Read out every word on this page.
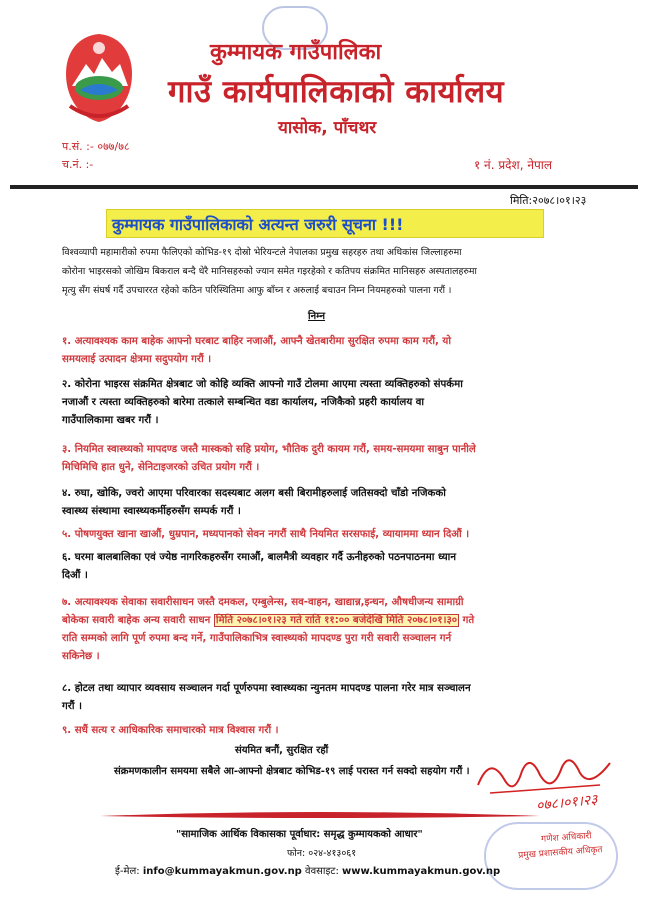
कुम्मायक गाउँपालिका
गाउँ कार्यपालिकाको कार्यालय
यासोक, पाँचथर
प.सं. :- ०७७/७८
च.नं. :-	१ नं. प्रदेश, नेपाल
मिति:२०७८।०१।२३
कुम्मायक गाउँपालिकाको अत्यन्त जरुरी सूचना !!!
विश्वव्यापी महामारीको रुपमा फैलिएको कोभिड-१९ दोस्रो भेरियन्टले नेपालका प्रमुख सहरहरु तथा अधिकांस जिल्लाहरुमा
कोरोना भाइरसको जोखिम बिकराल बन्दै धेरै मानिसहरुको ज्यान समेत गइरहेको र कतिपय संक्रमित मानिसहरु अस्पतालहरुमा
मृत्यु सँग संघर्ष गर्दै उपचाररत रहेको कठिन परिस्थितिमा आफु बाँच्न र अरुलाई बचाउन निम्न नियमहरुको पालना गरौं ।
निम्न
१. अत्यावश्यक काम बाहेक आफ्नो घरबाट बाहिर नजाऔं, आफ्नै खेतबारीमा सुरक्षित रुपमा काम गरौं, यो
समयलाई उत्पादन क्षेत्रमा सदुपयोग गरौं ।
२. कोरोना भाइरस संक्रमित क्षेत्रबाट जो कोहि व्यक्ति आफ्नो गाउँ टोलमा आएमा त्यस्ता व्यक्तिहरुको संपर्कमा
नजाऔं र त्यस्ता व्यक्तिहरुको बारेमा तत्काले सम्बन्धित वडा कार्यालय, नजिकैको प्रहरी कार्यालय वा
गाउँपालिकामा खबर गरौं ।
३. नियमित स्वास्थ्यको मापदण्ड जस्तै मास्कको सहि प्रयोग, भौतिक दुरी कायम गरौं, समय-समयमा साबुन पानीले
मिचिमिचि हात धुने, सेनिटाइजरको उचित प्रयोग गरौं ।
४. रुघा, खोकि, ज्वरो आएमा परिवारका सदस्यबाट अलग बसी बिरामीहरुलाई जतिसक्दो चाँडो नजिकको
स्वास्थ्य संस्थामा स्वास्थ्यकर्मीहरुसँग सम्पर्क गरौं ।
५. पोषणयुक्त खाना खाऔं, धुम्रपान, मध्यपानको सेवन नगरौं साथै नियमित सरसफाई, व्यायाममा ध्यान दिऔं ।
६. घरमा बालबालिका एवं ज्येष्ठ नागरिकहरुसँग रमाऔं, बालमैत्री व्यवहार गर्दै ऊनीहरुको पठनपाठनमा ध्यान
दिऔं ।
७. अत्यावश्यक सेवाका सवारीसाधन जस्तै दमकल, एम्बुलेन्स, सव-वाहन, खाद्यान्न,इन्धन, औषधीजन्य सामाग्री
बोकेका सवारी बाहेक अन्य सवारी साधन मिति २०७८।०१।२३ गते राति ११:०० बजेदेखि मिति २०७८।०१।३० गते
राति सम्मको लागि पूर्ण रुपमा बन्द गर्ने, गाउँपालिकाभित्र स्वास्थ्यको मापदण्ड पुरा गरी सवारी सञ्चालन गर्न
सकिनेछ ।
८. होटल तथा व्यापार व्यवसाय सञ्चालन गर्दा पूर्णरुपमा स्वास्थ्यका न्युनतम मापदण्ड पालना गरेर मात्र सञ्चालन
गरौं ।
९. सधैं सत्य र आधिकारिक समाचारको मात्र विश्वास गरौं ।
संयमित बनौं, सुरक्षित रहौं
संक्रमणकालीन समयमा सबैले आ-आफ्नो क्षेत्रबाट कोभिड-१९ लाई परास्त गर्न सक्दो सहयोग गरौं ।
०७८।०१।२३
गणेश अधिकारी
प्रमुख प्रशासकीय अधिकृत
"सामाजिक आर्थिक विकासका पूर्वाधार: समृद्ध कुम्मायकको आधार"
फोन: ०२४-४१३०६१
ई-मेल: info@kummayakmun.gov.np वेवसाइट: www.kummayakmun.gov.np
